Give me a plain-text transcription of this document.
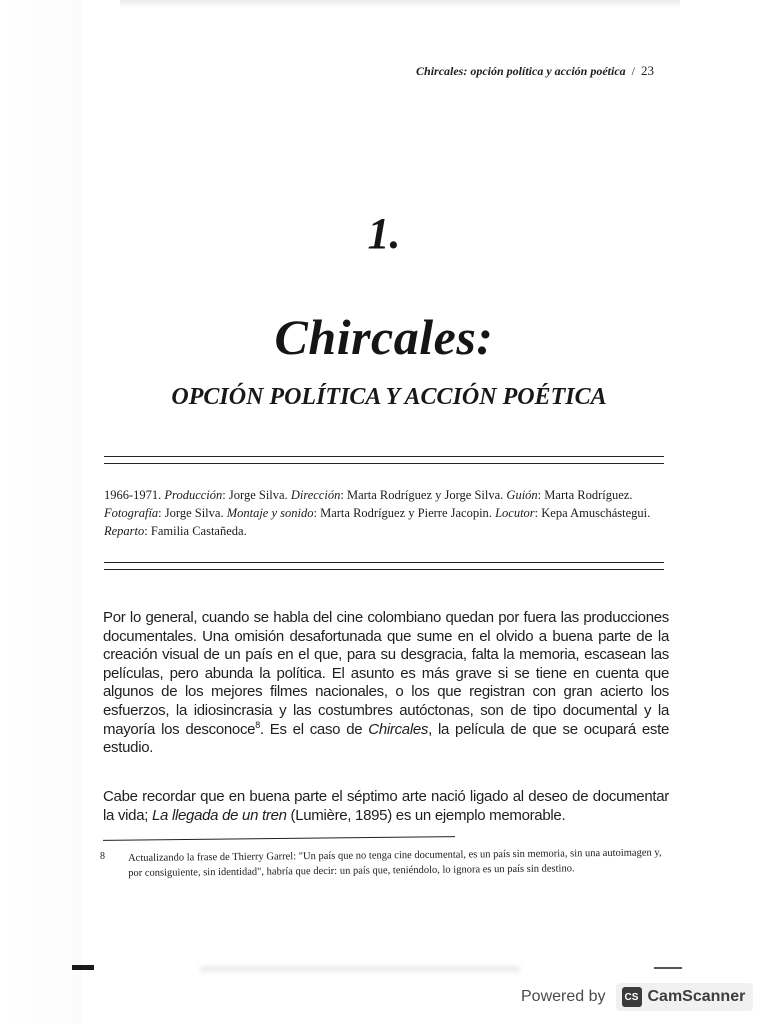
Chircales: opción política y acción poética / 23
1.
Chircales:
OPCIÓN POLÍTICA Y ACCIÓN POÉTICA
1966-1971. Producción: Jorge Silva. Dirección: Marta Rodríguez y Jorge Silva. Guión: Marta Rodríguez. Fotografía: Jorge Silva. Montaje y sonido: Marta Rodríguez y Pierre Jacopin. Locutor: Kepa Amuschástegui. Reparto: Familia Castañeda.
Por lo general, cuando se habla del cine colombiano quedan por fuera las producciones documentales. Una omisión desafortunada que sume en el olvido a buena parte de la creación visual de un país en el que, para su desgracia, falta la memoria, escasean las películas, pero abunda la política. El asunto es más grave si se tiene en cuenta que algunos de los mejores filmes nacionales, o los que registran con gran acierto los esfuerzos, la idiosincrasia y las costumbres autóctonas, son de tipo documental y la mayoría los desconoce$^8$. Es el caso de Chircales, la película de que se ocupará este estudio.
Cabe recordar que en buena parte el séptimo arte nació ligado al deseo de documentar la vida; La llegada de un tren (Lumière, 1895) es un ejemplo memorable.
8 Actualizando la frase de Thierry Garrel: "Un país que no tenga cine documental, es un país sin memoria, sin una autoimagen y, por consiguiente, sin identidad", habría que decir: un país que, teniéndolo, lo ignora es un país sin destino.
Powered by	CS CamScanner
